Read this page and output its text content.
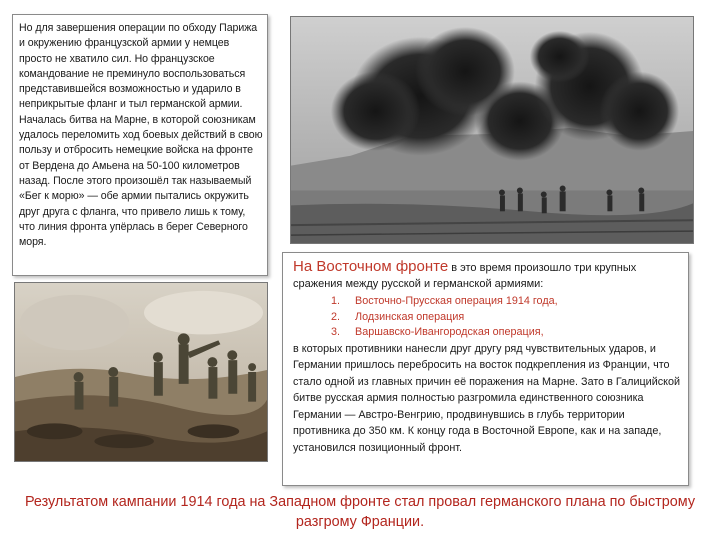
Но для завершения операции по обходу Парижа и окружению французской армии у немцев просто не хватило сил. Но французское командование не преминуло воспользоваться представившейся возможностью и ударило в неприкрытые фланг и тыл германской армии. Началась битва на Марне, в которой союзникам удалось переломить ход боевых действий в свою пользу и отбросить немецкие войска на фронте от Вердена до Амьена на 50-100 километров назад. После этого произошёл так называемый «Бег к морю» — обе армии пытались окружить друг друга с фланга, что привело лишь к тому, что линия фронта упёрлась в берег Северного моря.

На Восточном фронте в это время произошло три крупных сражения между русской и германской армиями:

1.	Восточно-Прусская операция 1914 года,
2.	Лодзинская операция
3.	Варшавско-Ивангородская операция,

в которых противники нанесли друг другу ряд чувствительных ударов, и Германии пришлось перебросить на восток подкрепления из Франции, что стало одной из главных причин её поражения на Марне. Зато в Галицийской битве русская армия полностью разгромила единственного союзника Германии — Австро-Венгрию, продвинувшись в глубь территории противника до 350 км. К концу года в Восточной Европе, как и на западе, установился позиционный фронт.

Результатом кампании 1914 года на Западном фронте стал провал германского плана по быстрому разгрому Франции.
